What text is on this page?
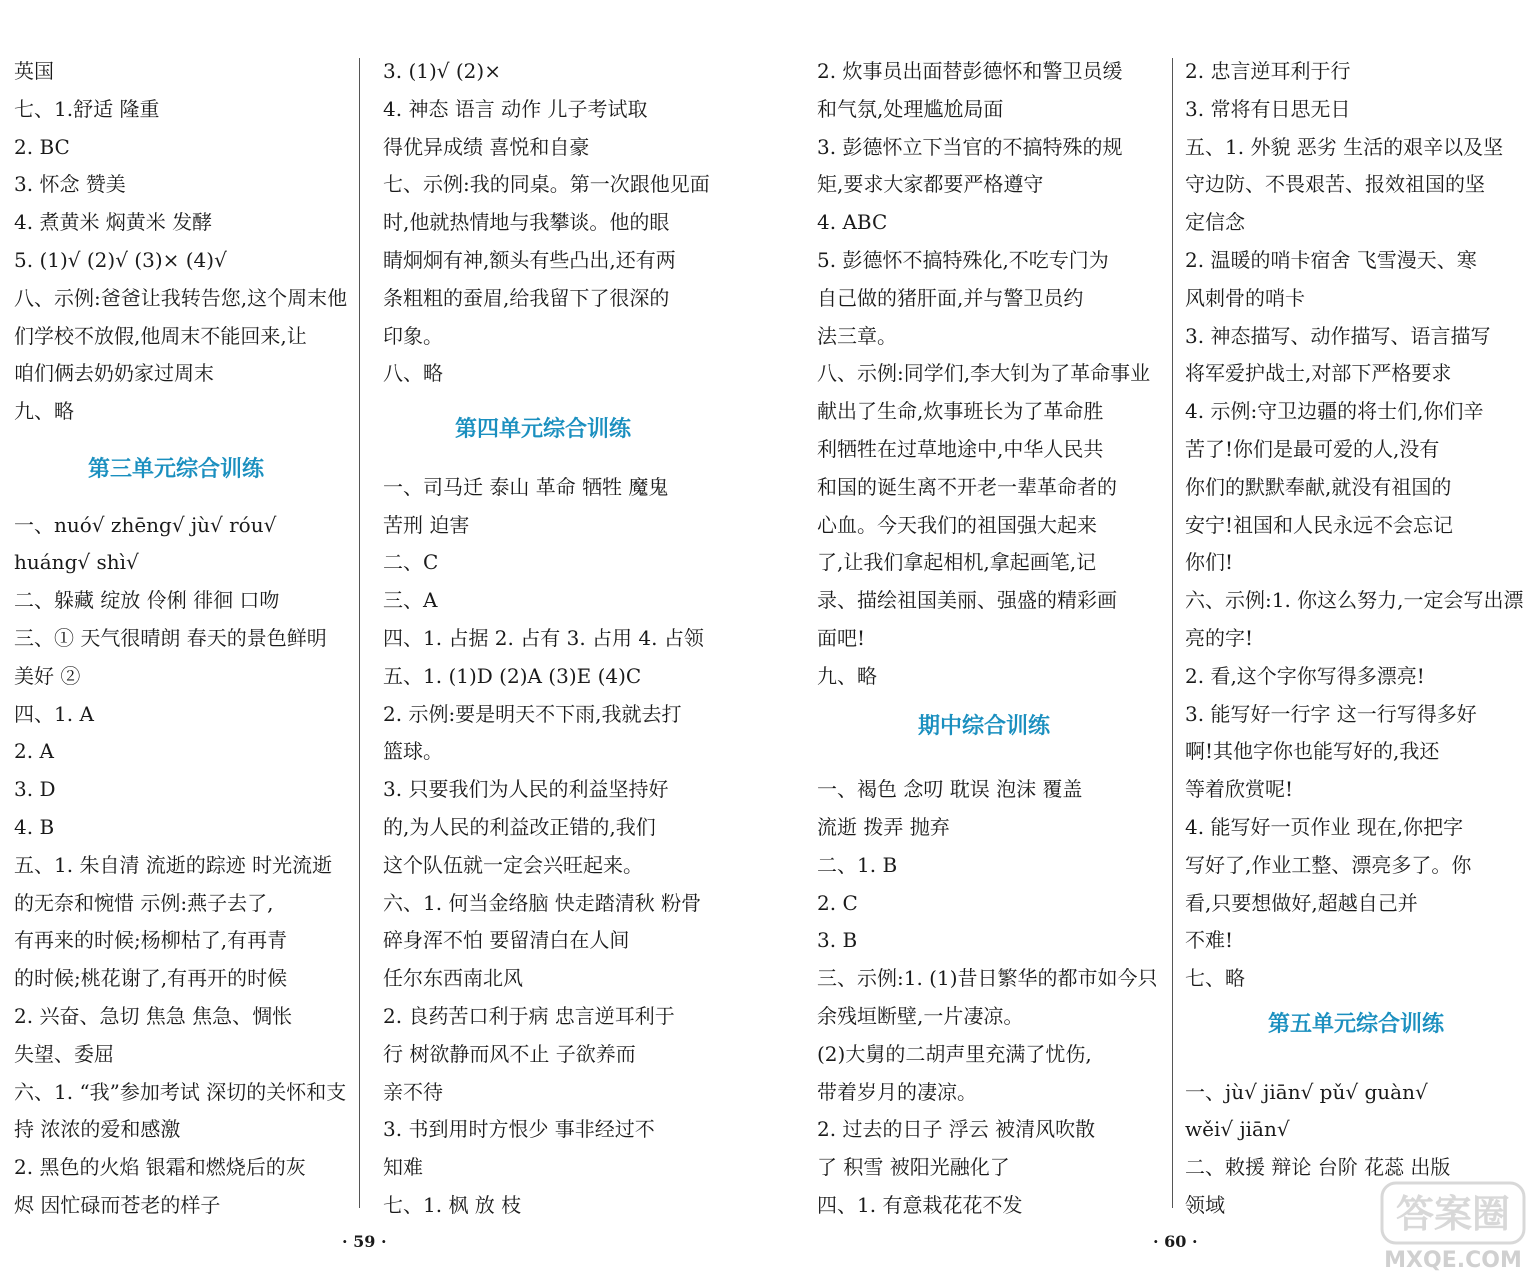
英国
七、1.舒适 隆重
2. BC
3. 怀念 赞美
4. 煮黄米 焖黄米 发酵
5. (1)√ (2)√ (3)× (4)√
八、示例:爸爸让我转告您,这个周末他
们学校不放假,他周末不能回来,让
咱们俩去奶奶家过周末
九、略
一、nuó√ zhēng√ jù√ róu√
huáng√ shì√
二、躲藏 绽放 伶俐 徘徊 口吻
三、① 天气很晴朗 春天的景色鲜明
美好 ②
四、1. A
2. A
3. D
4. B
五、1. 朱自清 流逝的踪迹 时光流逝
的无奈和惋惜 示例:燕子去了,
有再来的时候;杨柳枯了,有再青
的时候;桃花谢了,有再开的时候
2. 兴奋、急切 焦急 焦急、惆怅
失望、委屈
六、1. “我”参加考试 深切的关怀和支
持 浓浓的爱和感激
2. 黑色的火焰 银霜和燃烧后的灰
烬 因忙碌而苍老的样子
3. (1)√ (2)×
4. 神态 语言 动作 儿子考试取
得优异成绩 喜悦和自豪
七、示例:我的同桌。第一次跟他见面
时,他就热情地与我攀谈。他的眼
睛炯炯有神,额头有些凸出,还有两
条粗粗的蚕眉,给我留下了很深的
印象。
八、略
一、司马迁 泰山 革命 牺牲 魔鬼
苦刑 迫害
二、C
三、A
四、1. 占据 2. 占有 3. 占用 4. 占领
五、1. (1)D (2)A (3)E (4)C
2. 示例:要是明天不下雨,我就去打
篮球。
3. 只要我们为人民的利益坚持好
的,为人民的利益改正错的,我们
这个队伍就一定会兴旺起来。
六、1. 何当金络脑 快走踏清秋 粉骨
碎身浑不怕 要留清白在人间
任尔东西南北风
2. 良药苦口利于病 忠言逆耳利于
行 树欲静而风不止 子欲养而
亲不待
3. 书到用时方恨少 事非经过不
知难
七、1. 枫 放 枝
2. 炊事员出面替彭德怀和警卫员缓
和气氛,处理尴尬局面
3. 彭德怀立下当官的不搞特殊的规
矩,要求大家都要严格遵守
4. ABC
5. 彭德怀不搞特殊化,不吃专门为
自己做的猪肝面,并与警卫员约
法三章。
八、示例:同学们,李大钊为了革命事业
献出了生命,炊事班长为了革命胜
利牺牲在过草地途中,中华人民共
和国的诞生离不开老一辈革命者的
心血。今天我们的祖国强大起来
了,让我们拿起相机,拿起画笔,记
录、描绘祖国美丽、强盛的精彩画
面吧!
九、略
一、褐色 念叨 耽误 泡沫 覆盖
流逝 拨弄 抛弃
二、1. B
2. C
3. B
三、示例:1. (1)昔日繁华的都市如今只
余残垣断壁,一片凄凉。
(2)大舅的二胡声里充满了忧伤,
带着岁月的凄凉。
2. 过去的日子 浮云 被清风吹散
了 积雪 被阳光融化了
四、1. 有意栽花花不发
2. 忠言逆耳利于行
3. 常将有日思无日
五、1. 外貌 恶劣 生活的艰辛以及坚
守边防、不畏艰苦、报效祖国的坚
定信念
2. 温暖的哨卡宿舍 飞雪漫天、寒
风刺骨的哨卡
3. 神态描写、动作描写、语言描写
将军爱护战士,对部下严格要求
4. 示例:守卫边疆的将士们,你们辛
苦了!你们是最可爱的人,没有
你们的默默奉献,就没有祖国的
安宁!祖国和人民永远不会忘记
你们!
六、示例:1. 你这么努力,一定会写出漂
亮的字!
2. 看,这个字你写得多漂亮!
3. 能写好一行字 这一行写得多好
啊!其他字你也能写好的,我还
等着欣赏呢!
4. 能写好一页作业 现在,你把字
写好了,作业工整、漂亮多了。你
看,只要想做好,超越自己并
不难!
七、略
一、jù√ jiān√ pǔ√ guàn√
wěi√ jiān√
二、敕援 辩论 台阶 花蕊 出版
领域
第三单元综合训练
第四单元综合训练
期中综合训练
第五单元综合训练
· 59 ·	· 60 ·
答案圈
MXQE.COM
